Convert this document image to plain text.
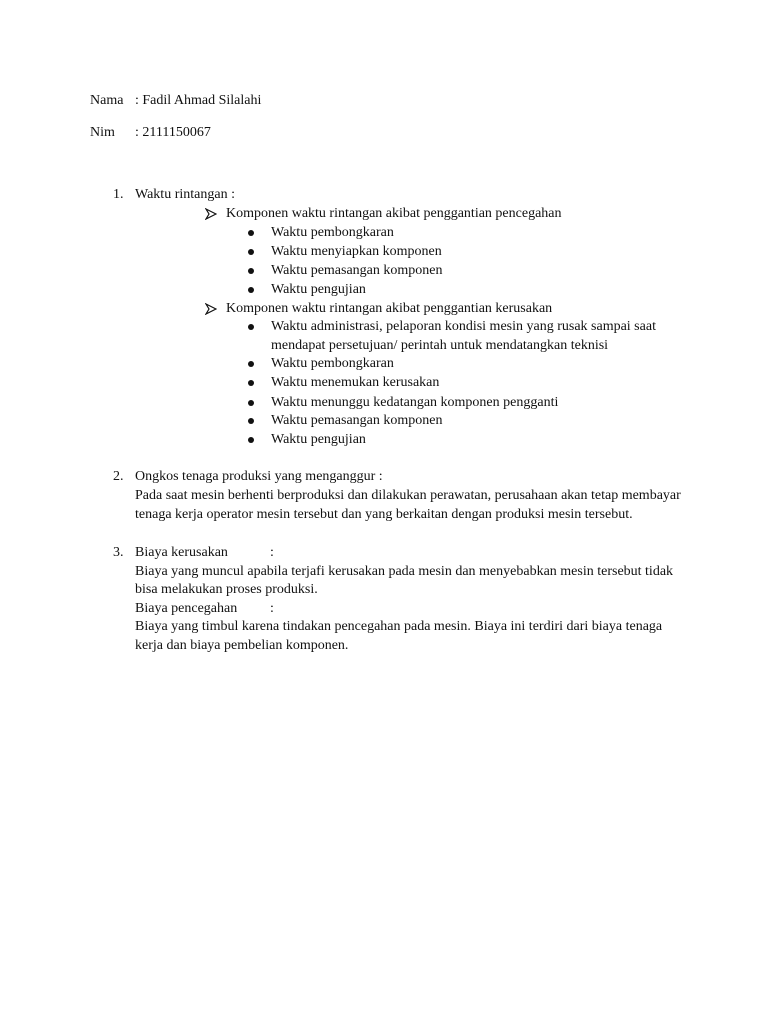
Nama : Fadil Ahmad Silalahi
Nim : 2111150067
1. Waktu rintangan :
Komponen waktu rintangan akibat penggantian pencegahan
Waktu pembongkaran
Waktu menyiapkan komponen
Waktu pemasangan komponen
Waktu pengujian
Komponen waktu rintangan akibat penggantian kerusakan
Waktu administrasi, pelaporan kondisi mesin yang rusak sampai saat
mendapat persetujuan/ perintah untuk mendatangkan teknisi
Waktu pembongkaran
Waktu menemukan kerusakan
Waktu menunggu kedatangan komponen pengganti
Waktu pemasangan komponen
Waktu pengujian
2. Ongkos tenaga produksi yang menganggur :
Pada saat mesin berhenti berproduksi dan dilakukan perawatan, perusahaan akan tetap membayar
tenaga kerja operator mesin tersebut dan yang berkaitan dengan produksi mesin tersebut.
3. Biaya kerusakan	:
Biaya yang muncul apabila terjafi kerusakan pada mesin dan menyebabkan mesin tersebut tidak
bisa melakukan proses produksi.
Biaya pencegahan :
Biaya yang timbul karena tindakan pencegahan pada mesin. Biaya ini terdiri dari biaya tenaga
kerja dan biaya pembelian komponen.
